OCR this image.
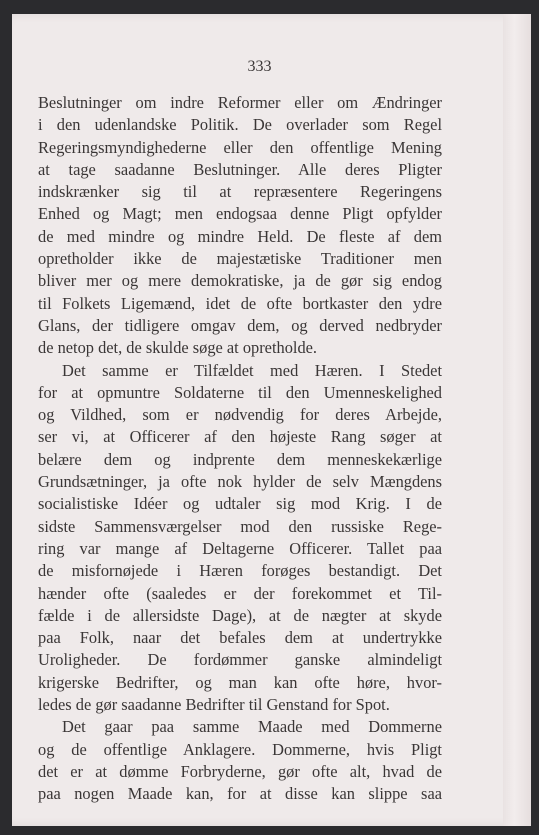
333
Beslutninger om indre Reformer eller om Ændringer
i den udenlandske Politik. De overlader som Regel
Regeringsmyndighederne eller den offentlige Mening
at tage saadanne Beslutninger. Alle deres Pligter
indskrænker sig til at repræsentere Regeringens
Enhed og Magt; men endogsaa denne Pligt opfylder
de med mindre og mindre Held. De fleste af dem
opretholder ikke de majestætiske Traditioner men
bliver mer og mere demokratiske, ja de gør sig endog
til Folkets Ligemænd, idet de ofte bortkaster den ydre
Glans, der tidligere omgav dem, og derved nedbryder
de netop det, de skulde søge at opretholde.
Det samme er Tilfældet med Hæren. I Stedet
for at opmuntre Soldaterne til den Umenneskelighed
og Vildhed, som er nødvendig for deres Arbejde,
ser vi, at Officerer af den højeste Rang søger at
belære dem og indprente dem menneskekærlige
Grundsætninger, ja ofte nok hylder de selv Mængdens
socialistiske Idéer og udtaler sig mod Krig. I de
sidste Sammensværgelser mod den russiske Rege-
ring var mange af Deltagerne Officerer. Tallet paa
de misfornøjede i Hæren forøges bestandigt. Det
hænder ofte (saaledes er der forekommet et Til-
fælde i de allersidste Dage), at de nægter at skyde
paa Folk, naar det befales dem at undertrykke
Uroligheder. De fordømmer ganske almindeligt
krigerske Bedrifter, og man kan ofte høre, hvor-
ledes de gør saadanne Bedrifter til Genstand for Spot.
Det gaar paa samme Maade med Dommerne
og de offentlige Anklagere. Dommerne, hvis Pligt
det er at dømme Forbryderne, gør ofte alt, hvad de
paa nogen Maade kan, for at disse kan slippe saa
